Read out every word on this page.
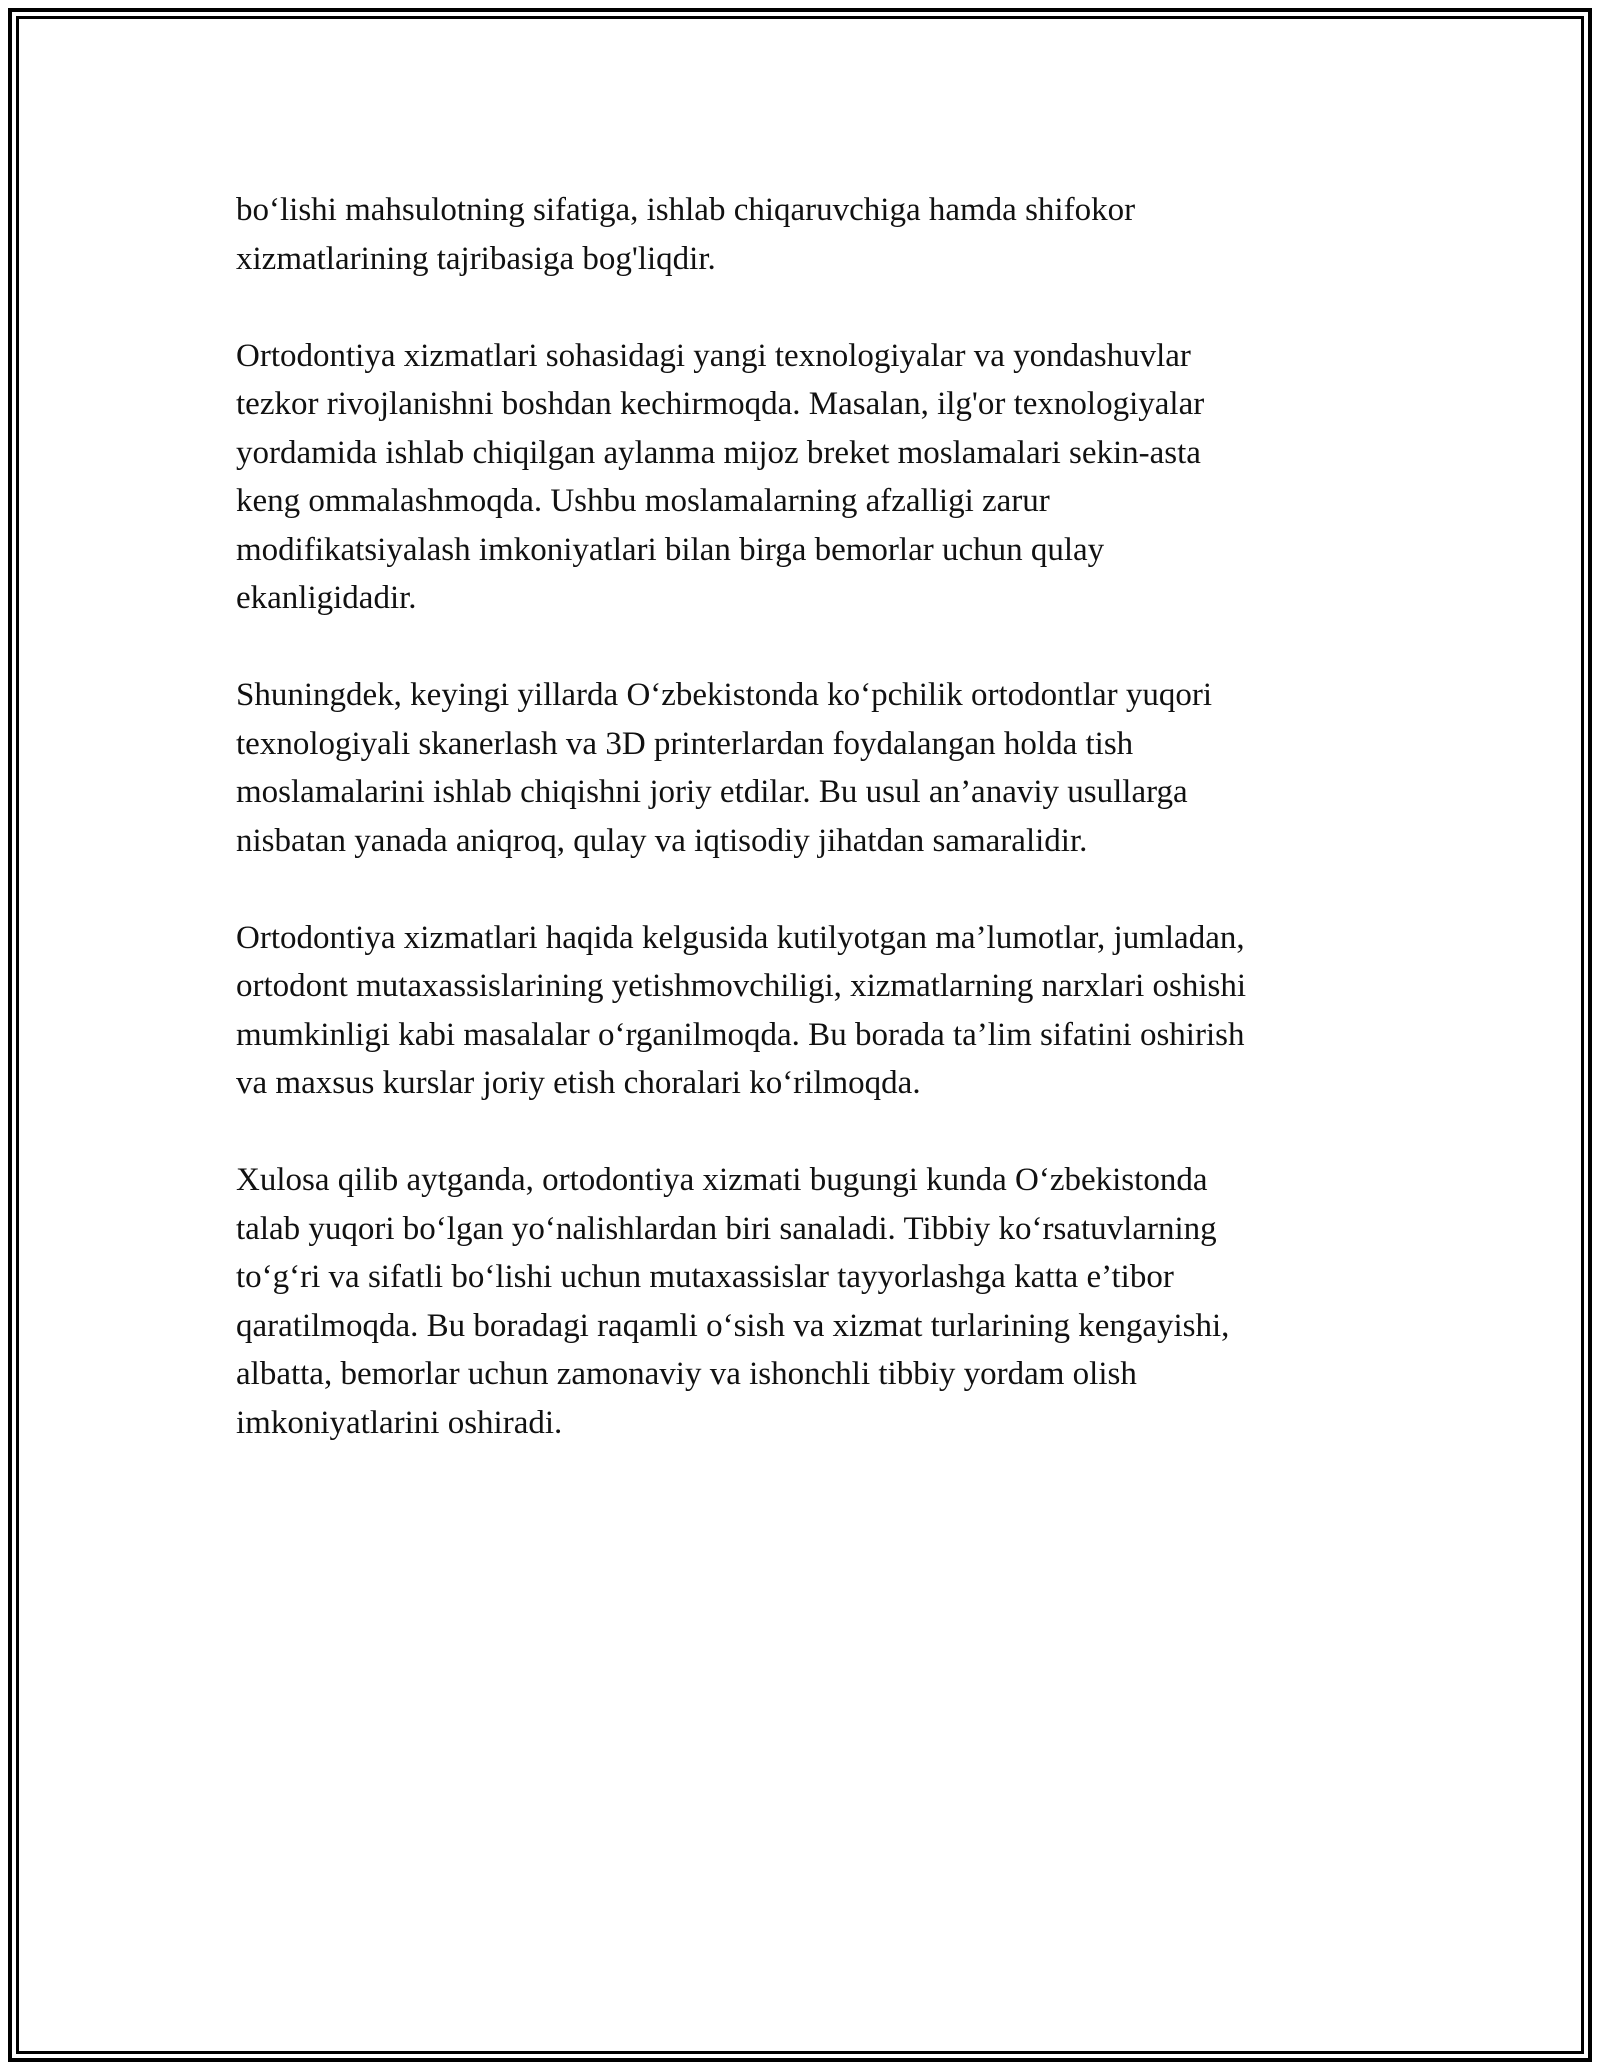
bo‘lishi mahsulotning sifatiga, ishlab chiqaruvchiga hamda shifokor
xizmatlarining tajribasiga bog'liqdir.

Ortodontiya xizmatlari sohasidagi yangi texnologiyalar va yondashuvlar
tezkor rivojlanishni boshdan kechirmoqda. Masalan, ilg'or texnologiyalar
yordamida ishlab chiqilgan aylanma mijoz breket moslamalari sekin-asta
keng ommalashmoqda. Ushbu moslamalarning afzalligi zarur
modifikatsiyalash imkoniyatlari bilan birga bemorlar uchun qulay
ekanligidadir.

Shuningdek, keyingi yillarda O‘zbekistonda ko‘pchilik ortodontlar yuqori
texnologiyali skanerlash va 3D printerlardan foydalangan holda tish
moslamalarini ishlab chiqishni joriy etdilar. Bu usul an’anaviy usullarga
nisbatan yanada aniqroq, qulay va iqtisodiy jihatdan samaralidir.

Ortodontiya xizmatlari haqida kelgusida kutilyotgan ma’lumotlar, jumladan,
ortodont mutaxassislarining yetishmovchiligi, xizmatlarning narxlari oshishi
mumkinligi kabi masalalar o‘rganilmoqda. Bu borada ta’lim sifatini oshirish
va maxsus kurslar joriy etish choralari ko‘rilmoqda.

Xulosa qilib aytganda, ortodontiya xizmati bugungi kunda O‘zbekistonda
talab yuqori bo‘lgan yo‘nalishlardan biri sanaladi. Tibbiy ko‘rsatuvlarning
to‘g‘ri va sifatli bo‘lishi uchun mutaxassislar tayyorlashga katta e’tibor
qaratilmoqda. Bu boradagi raqamli o‘sish va xizmat turlarining kengayishi,
albatta, bemorlar uchun zamonaviy va ishonchli tibbiy yordam olish
imkoniyatlarini oshiradi.
